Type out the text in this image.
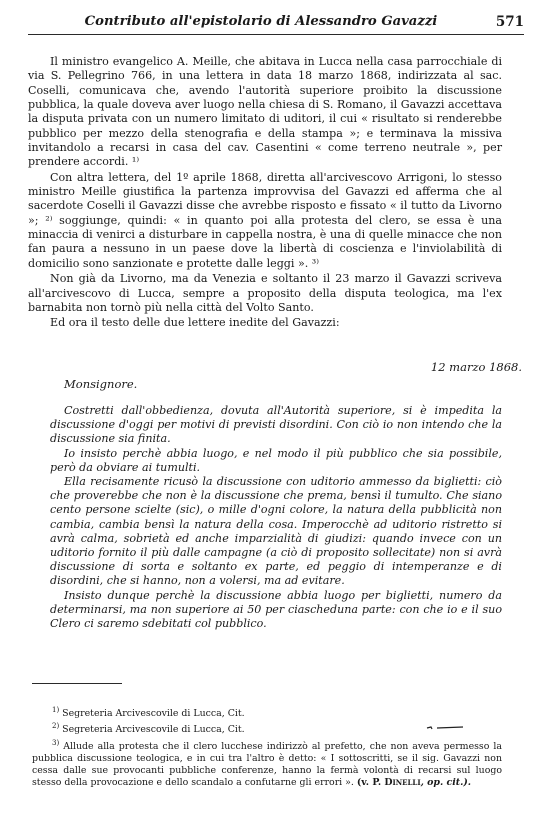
Contributo all'epistolario di Alessandro Gavazzi	571

Il ministro evangelico A. Meille, che abitava in Lucca nella casa parrocchiale di via S. Pellegrino 766, in una lettera in data 18 marzo 1868, indirizzata al sac. Coselli, comunicava che, avendo l'autorità superiore proibito la discussione pubblica, la quale doveva aver luogo nella chiesa di S. Romano, il Gavazzi accettava la disputa privata con un numero limitato di uditori, il cui « risultato si renderebbe pubblico per mezzo della stenografia e della stampa »; e terminava la missiva invitandolo a recarsi in casa del cav. Casentini « come terreno neutrale », per prendere accordi. ¹⁾

Con altra lettera, del 1º aprile 1868, diretta all'arcivescovo Arrigoni, lo stesso ministro Meille giustifica la partenza improvvisa del Gavazzi ed afferma che al sacerdote Coselli il Gavazzi disse che avrebbe risposto e fissato « il tutto da Livorno »; ²⁾ soggiunge, quindi: « in quanto poi alla protesta del clero, se essa è una minaccia di venirci a disturbare in cappella nostra, è una di quelle minacce che non fan paura a nessuno in un paese dove la libertà di coscienza e l'inviolabilità di domicilio sono sanzionate e protette dalle leggi ». ³⁾

Non già da Livorno, ma da Venezia e soltanto il 23 marzo il Gavazzi scriveva all'arcivescovo di Lucca, sempre a proposito della disputa teologica, ma l'ex barnabita non tornò più nella città del Volto Santo.

Ed ora il testo delle due lettere inedite del Gavazzi:

12 marzo 1868.
Monsignore.

Costretti dall'obbedienza, dovuta all'Autorità superiore, si è impedita la discussione d'oggi per motivi di previsti disordini. Con ciò io non intendo che la discussione sia finita.

Io insisto perchè abbia luogo, e nel modo il più pubblico che sia possibile, però da obviare ai tumulti.

Ella recisamente ricusò la discussione con uditorio ammesso da biglietti: ciò che proverebbe che non è la discussione che prema, bensì il tumulto. Che siano cento persone scielte (sic), o mille d'ogni colore, la natura della pubblicità non cambia, cambia bensì la natura della cosa. Imperocchè ad uditorio ristretto si avrà calma, sobrietà ed anche imparzialità di giudizi: quando invece con un uditorio fornito il più dalle campagne (a ciò di proposito sollecitate) non si avrà discussione di sorta e soltanto ex parte, ed peggio di intemperanze e di disordini, che si hanno, non a volersi, ma ad evitare.

Insisto dunque perchè la discussione abbia luogo per biglietti, numero da determinarsi, ma non superiore ai 50 per ciascheduna parte: con che io e il suo Clero ci saremo sdebitati col pubblico.

$^{1)}$ Segreteria Arcivescovile di Lucca, Cit.

$^{2)}$ Segreteria Arcivescovile di Lucca, Cit.

$^{3)}$ Allude alla protesta che il clero lucchese indirizzò al prefetto, che non aveva permesso la pubblica discussione teologica, e in cui tra l'altro è detto: « I sottoscritti, se il sig. Gavazzi non cessa dalle sue provocanti pubbliche conferenze, hanno la fermà volontà di recarsi sul luogo stesso della provocazione e dello scandalo a confutarne gli errori ». (v. P. Dinelli, op. cit.).
